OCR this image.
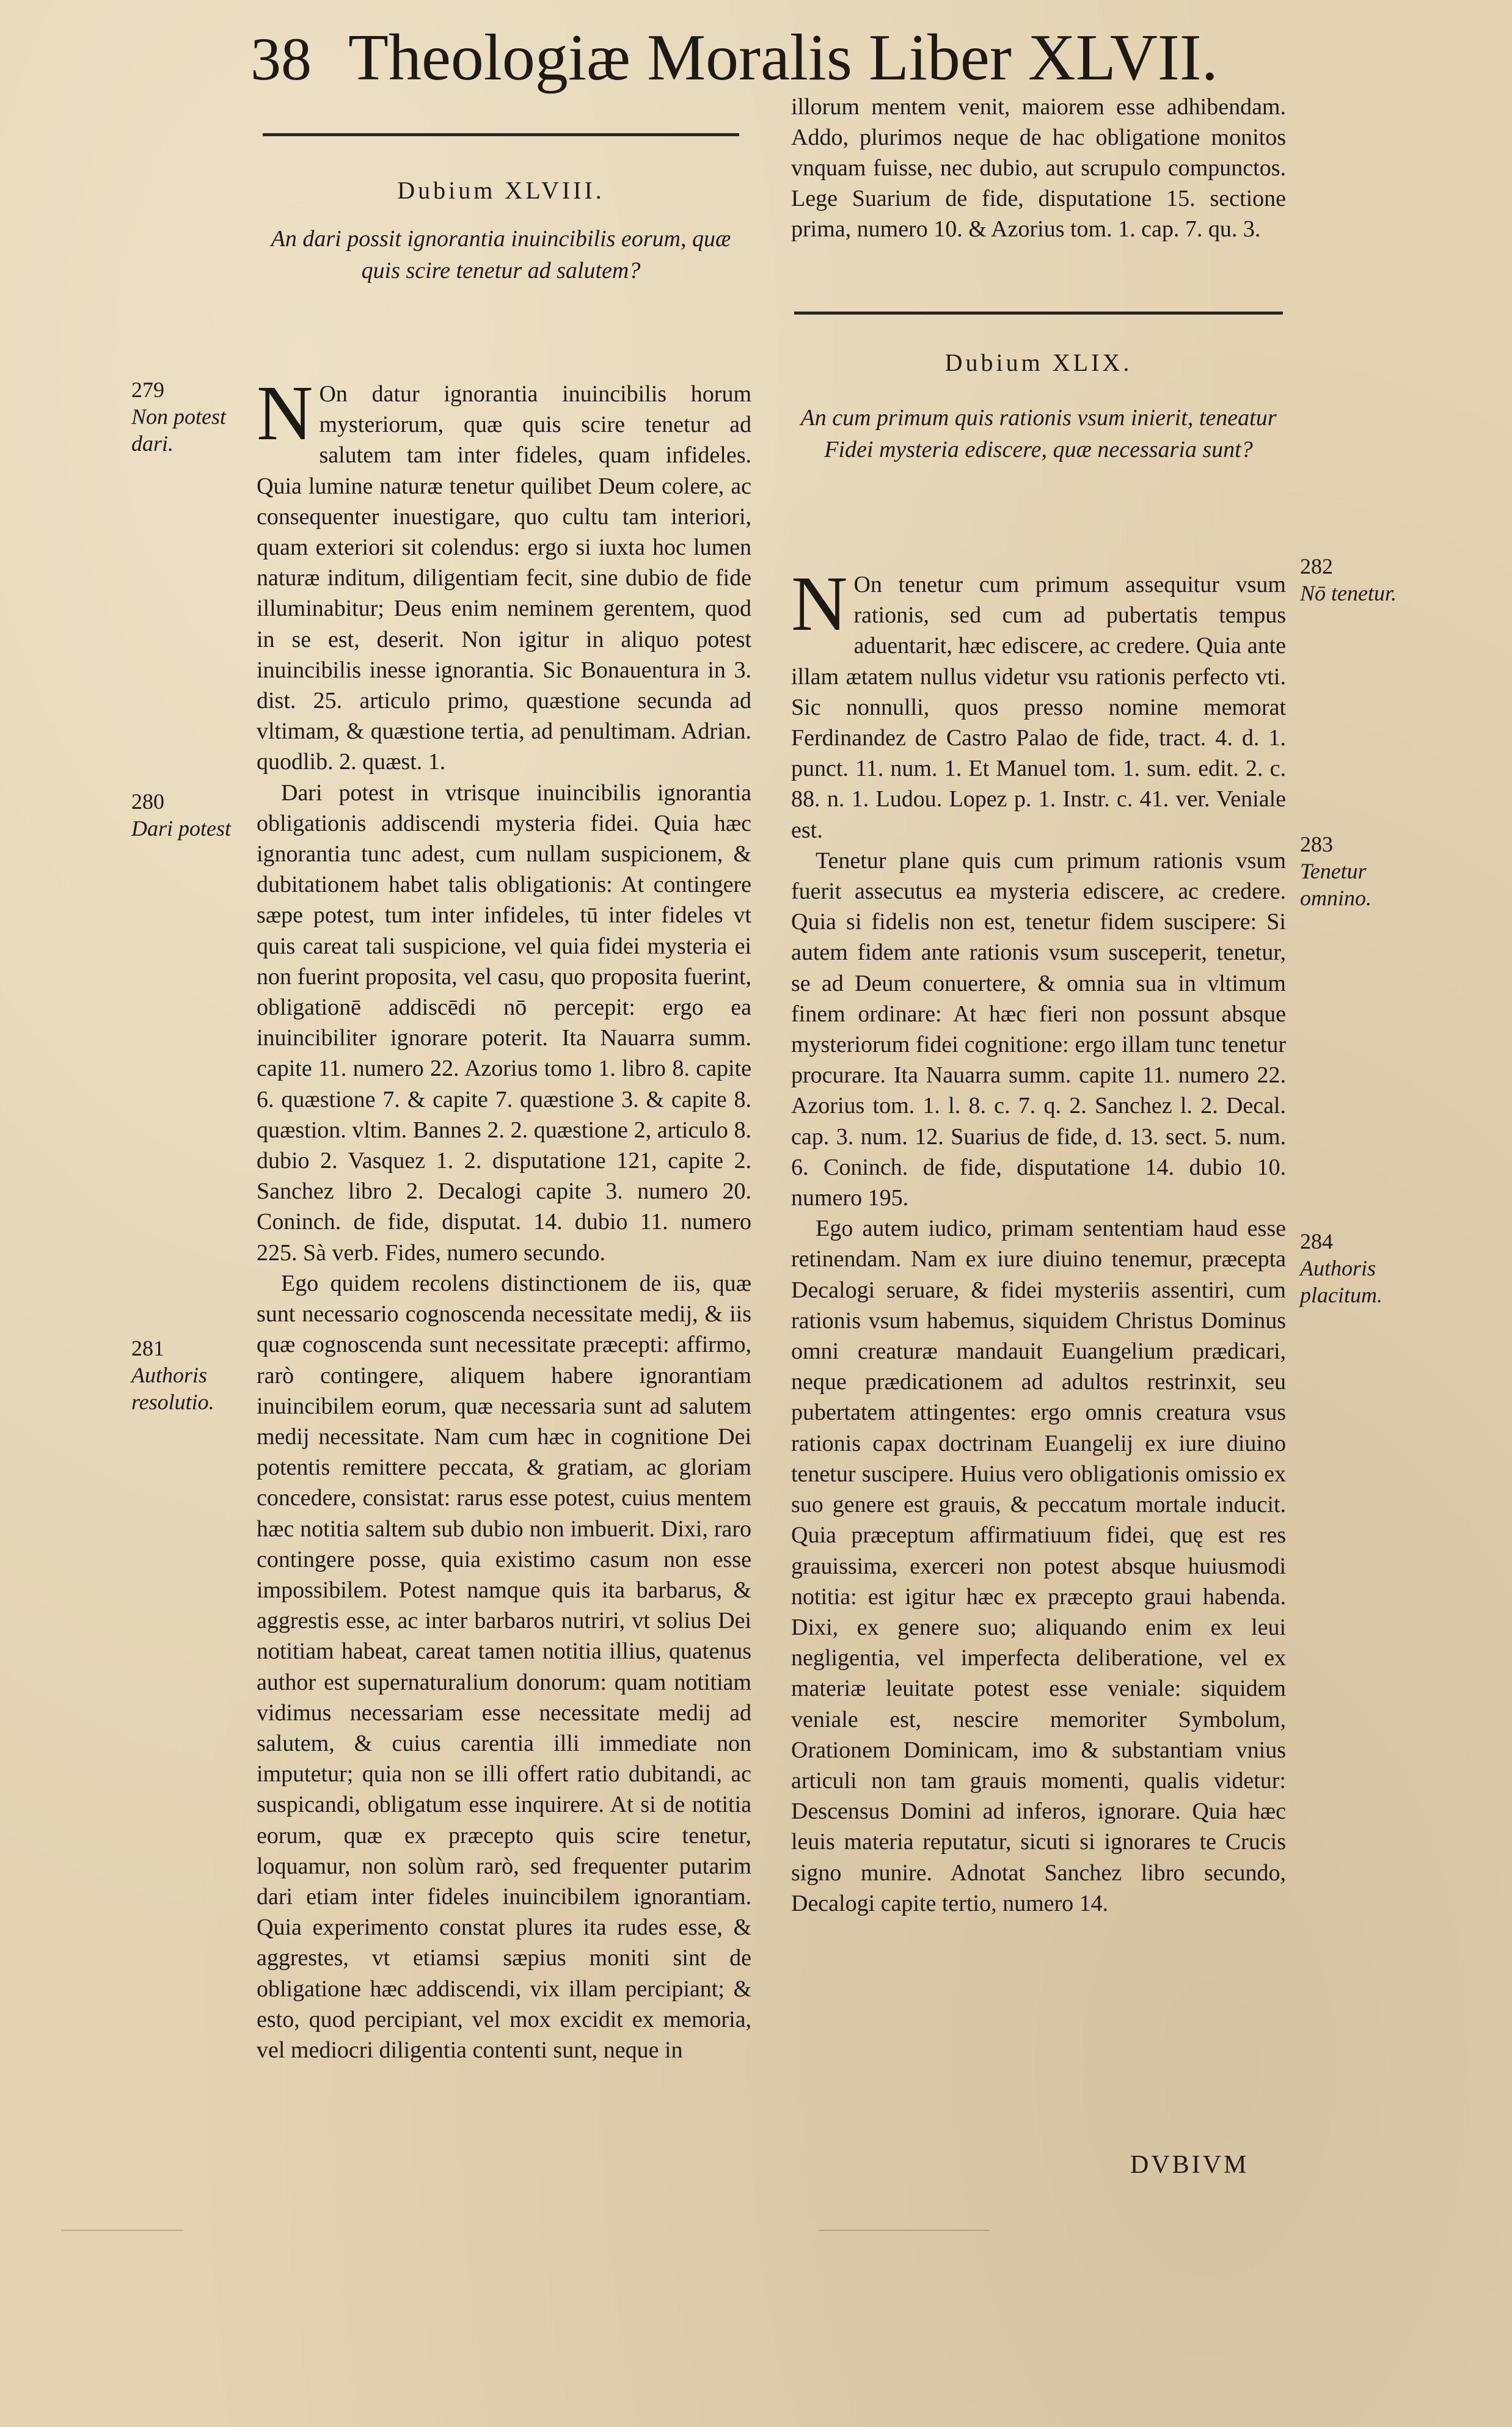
38 Theologiæ Moralis Liber XLVII.
Dubium XLVIII.
An dari possit ignorantia inuincibilis eorum, quæ quis scire tenetur ad salutem?

N On datur ignorantia inuincibilis horum mysteriorum, quæ quis scire tenetur ad salutem tam inter fideles, quam infideles. Quia lumine naturæ tenetur quilibet Deum colere, ac consequenter inuestigare, quo cultu tam interiori, quam exteriori sit colendus: ergo si iuxta hoc lumen naturæ inditum, diligentiam fecit, sine dubio de fide illuminabitur; Deus enim neminem gerentem, quod in se est, deserit. Non igitur in aliquo potest inuincibilis inesse ignorantia. Sic Bonauentura in 3. dist. 25. articulo primo, quæstione secunda ad vltimam, & quæstione tertia, ad penultimam. Adrian. quodlib. 2. quæst. 1.

Dari potest in vtrisque inuincibilis ignorantia obligationis addiscendi mysteria fidei. Quia hæc ignorantia tunc adest, cum nullam suspicionem, & dubitationem habet talis obligationis: At contingere sæpe potest, tum inter infideles, tū inter fideles vt quis careat tali suspicione, vel quia fidei mysteria ei non fuerint proposita, vel casu, quo proposita fuerint, obligationē addiscēdi nō percepit: ergo ea inuincibiliter ignorare poterit. Ita Nauarra summ. capite 11. numero 22. Azorius tomo 1. libro 8. capite 6. quæstione 7. & capite 7. quæstione 3. & capite 8. quæstion. vltim. Bannes 2. 2. quæstione 2, articulo 8. dubio 2. Vasquez 1. 2. disputatione 121, capite 2. Sanchez libro 2. Decalogi capite 3. numero 20. Coninch. de fide, disputat. 14. dubio 11. numero 225. Sà verb. Fides, numero secundo.

Ego quidem recolens distinctionem de iis, quæ sunt necessario cognoscenda necessitate medij, & iis quæ cognoscenda sunt necessitate præcepti: affirmo, rarò contingere, aliquem habere ignorantiam inuincibilem eorum, quæ necessaria sunt ad salutem medij necessitate. Nam cum hæc in cognitione Dei potentis remittere peccata, & gratiam, ac gloriam concedere, consistat: rarus esse potest, cuius mentem hæc notitia saltem sub dubio non imbuerit. Dixi, raro contingere posse, quia existimo casum non esse impossibilem. Potest namque quis ita barbarus, & aggrestis esse, ac inter barbaros nutriri, vt solius Dei notitiam habeat, careat tamen notitia illius, quatenus author est supernaturalium donorum: quam notitiam vidimus necessariam esse necessitate medij ad salutem, & cuius carentia illi immediate non imputetur; quia non se illi offert ratio dubitandi, ac suspicandi, obligatum esse inquirere. At si de notitia eorum, quæ ex præcepto quis scire tenetur, loquamur, non solùm rarò, sed frequenter putarim dari etiam inter fideles inuincibilem ignorantiam. Quia experimento constat plures ita rudes esse, & aggrestes, vt etiamsi sæpius moniti sint de obligatione hæc addiscendi, vix illam percipiant; & esto, quod percipiant, vel mox excidit ex memoria, vel mediocri diligentia contenti sunt, neque in

279
Non potest dari.
280
Dari potest
281
Authoris resolutio.

illorum mentem venit, maiorem esse adhibendam. Addo, plurimos neque de hac obligatione monitos vnquam fuisse, nec dubio, aut scrupulo compunctos. Lege Suarium de fide, disputatione 15. sectione prima, numero 10. & Azorius tom. 1. cap. 7. qu. 3.

Dubium XLIX.
An cum primum quis rationis vsum inierit, teneatur Fidei mysteria ediscere, quæ necessaria sunt?

N On tenetur cum primum assequitur vsum rationis, sed cum ad pubertatis tempus aduentarit, hæc ediscere, ac credere. Quia ante illam ætatem nullus videtur vsu rationis perfecto vti. Sic nonnulli, quos presso nomine memorat Ferdinandez de Castro Palao de fide, tract. 4. d. 1. punct. 11. num. 1. Et Manuel tom. 1. sum. edit. 2. c. 88. n. 1. Ludou. Lopez p. 1. Instr. c. 41. ver. Veniale est.

Tenetur plane quis cum primum rationis vsum fuerit assecutus ea mysteria ediscere, ac credere. Quia si fidelis non est, tenetur fidem suscipere: Si autem fidem ante rationis vsum susceperit, tenetur, se ad Deum conuertere, & omnia sua in vltimum finem ordinare: At hæc fieri non possunt absque mysteriorum fidei cognitione: ergo illam tunc tenetur procurare. Ita Nauarra summ. capite 11. numero 22. Azorius tom. 1. l. 8. c. 7. q. 2. Sanchez l. 2. Decal. cap. 3. num. 12. Suarius de fide, d. 13. sect. 5. num. 6. Coninch. de fide, disputatione 14. dubio 10. numero 195.

Ego autem iudico, primam sententiam haud esse retinendam. Nam ex iure diuino tenemur, præcepta Decalogi seruare, & fidei mysteriis assentiri, cum rationis vsum habemus, siquidem Christus Dominus omni creaturæ mandauit Euangelium prædicari, neque prædicationem ad adultos restrinxit, seu pubertatem attingentes: ergo omnis creatura vsus rationis capax doctrinam Euangelij ex iure diuino tenetur suscipere. Huius vero obligationis omissio ex suo genere est grauis, & peccatum mortale inducit. Quia præceptum affirmatiuum fidei, quę est res grauissima, exerceri non potest absque huiusmodi notitia: est igitur hæc ex præcepto graui habenda. Dixi, ex genere suo; aliquando enim ex leui negligentia, vel imperfecta deliberatione, vel ex materiæ leuitate potest esse veniale: siquidem veniale est, nescire memoriter Symbolum, Orationem Dominicam, imo & substantiam vnius articuli non tam grauis momenti, qualis videtur: Descensus Domini ad inferos, ignorare. Quia hæc leuis materia reputatur, sicuti si ignorares te Crucis signo munire. Adnotat Sanchez libro secundo, Decalogi capite tertio, numero 14.

282
Nō tenetur.
283
Tenetur omnino.
284
Authoris placitum.
DVBIVM
